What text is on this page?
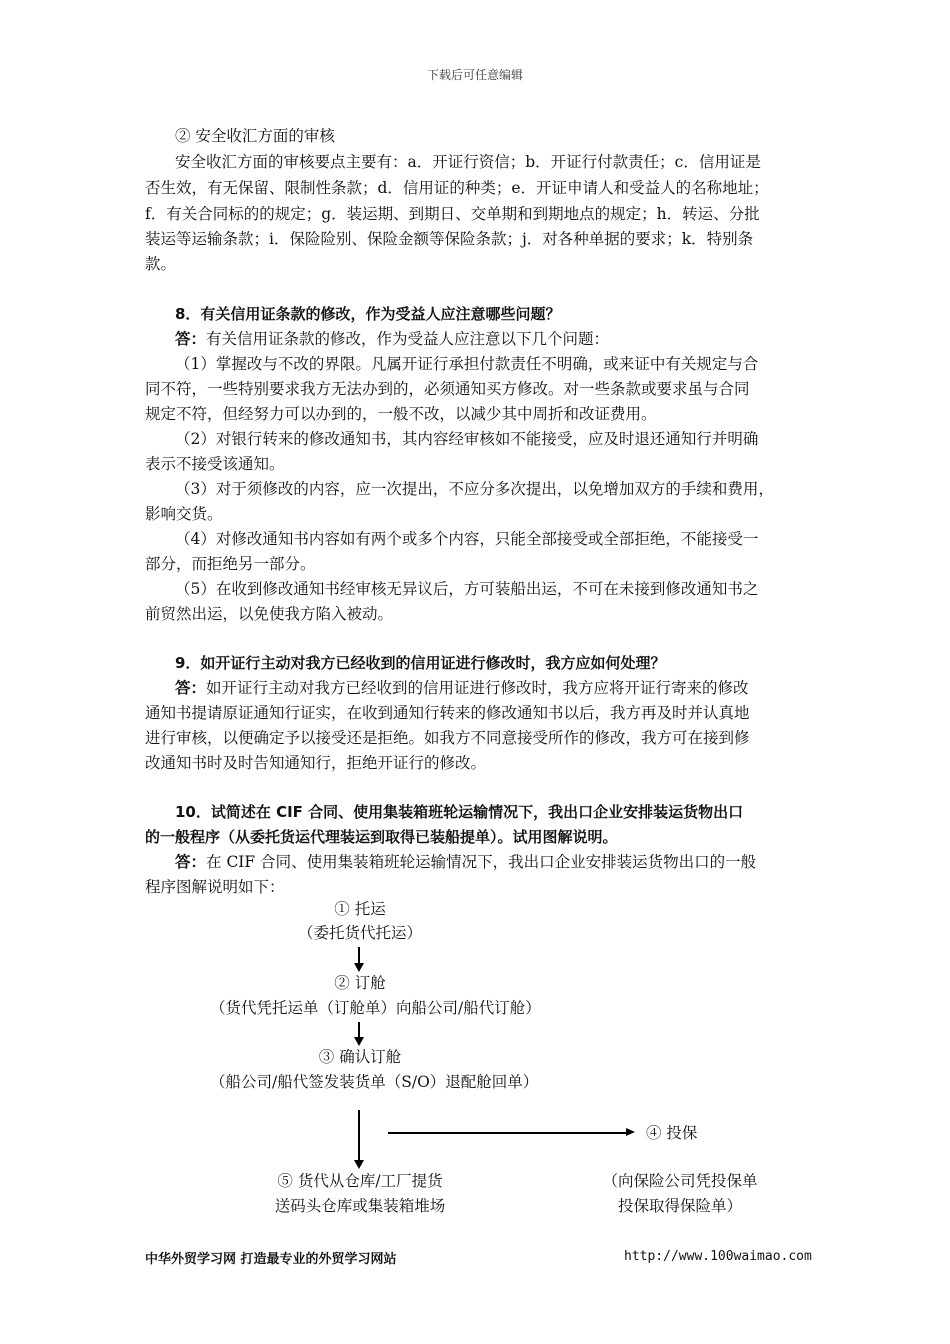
下载后可任意编辑
② 安全收汇方面的审核
安全收汇方面的审核要点主要有：a．开证行资信；b．开证行付款责任；c．信用证是
否生效，有无保留、限制性条款；d．信用证的种类；e．开证申请人和受益人的名称地址；
f．有关合同标的的规定；g．装运期、到期日、交单期和到期地点的规定；h．转运、分批
装运等运输条款；i．保险险别、保险金额等保险条款；j．对各种单据的要求；k．特别条
款。
8．有关信用证条款的修改，作为受益人应注意哪些问题？
答：有关信用证条款的修改，作为受益人应注意以下几个问题：
（1）掌握改与不改的界限。凡属开证行承担付款责任不明确，或来证中有关规定与合
同不符，一些特别要求我方无法办到的，必须通知买方修改。对一些条款或要求虽与合同
规定不符，但经努力可以办到的，一般不改，以减少其中周折和改证费用。
（2）对银行转来的修改通知书，其内容经审核如不能接受，应及时退还通知行并明确
表示不接受该通知。
（3）对于须修改的内容，应一次提出，不应分多次提出，以免增加双方的手续和费用，
影响交货。
（4）对修改通知书内容如有两个或多个内容，只能全部接受或全部拒绝，不能接受一
部分，而拒绝另一部分。
（5）在收到修改通知书经审核无异议后，方可装船出运，不可在未接到修改通知书之
前贸然出运，以免使我方陷入被动。
9．如开证行主动对我方已经收到的信用证进行修改时，我方应如何处理？
答：如开证行主动对我方已经收到的信用证进行修改时，我方应将开证行寄来的修改
通知书提请原证通知行证实，在收到通知行转来的修改通知书以后，我方再及时并认真地
进行审核，以便确定予以接受还是拒绝。如我方不同意接受所作的修改，我方可在接到修
改通知书时及时告知通知行，拒绝开证行的修改。
10．试简述在 CIF 合同、使用集装箱班轮运输情况下，我出口企业安排装运货物出口
的一般程序（从委托货运代理装运到取得已装船提单）。试用图解说明。
答：在 CIF 合同、使用集装箱班轮运输情况下，我出口企业安排装运货物出口的一般
程序图解说明如下：
① 托运
（委托货代托运）
② 订舱
（货代凭托运单（订舱单）向船公司/船代订舱）
③ 确认订舱
（船公司/船代签发装货单（S/O）退配舱回单）
④ 投保
⑤ 货代从仓库/工厂提货
送码头仓库或集装箱堆场
（向保险公司凭投保单
投保取得保险单）
中华外贸学习网 打造最专业的外贸学习网站	http://www.100waimao.com
